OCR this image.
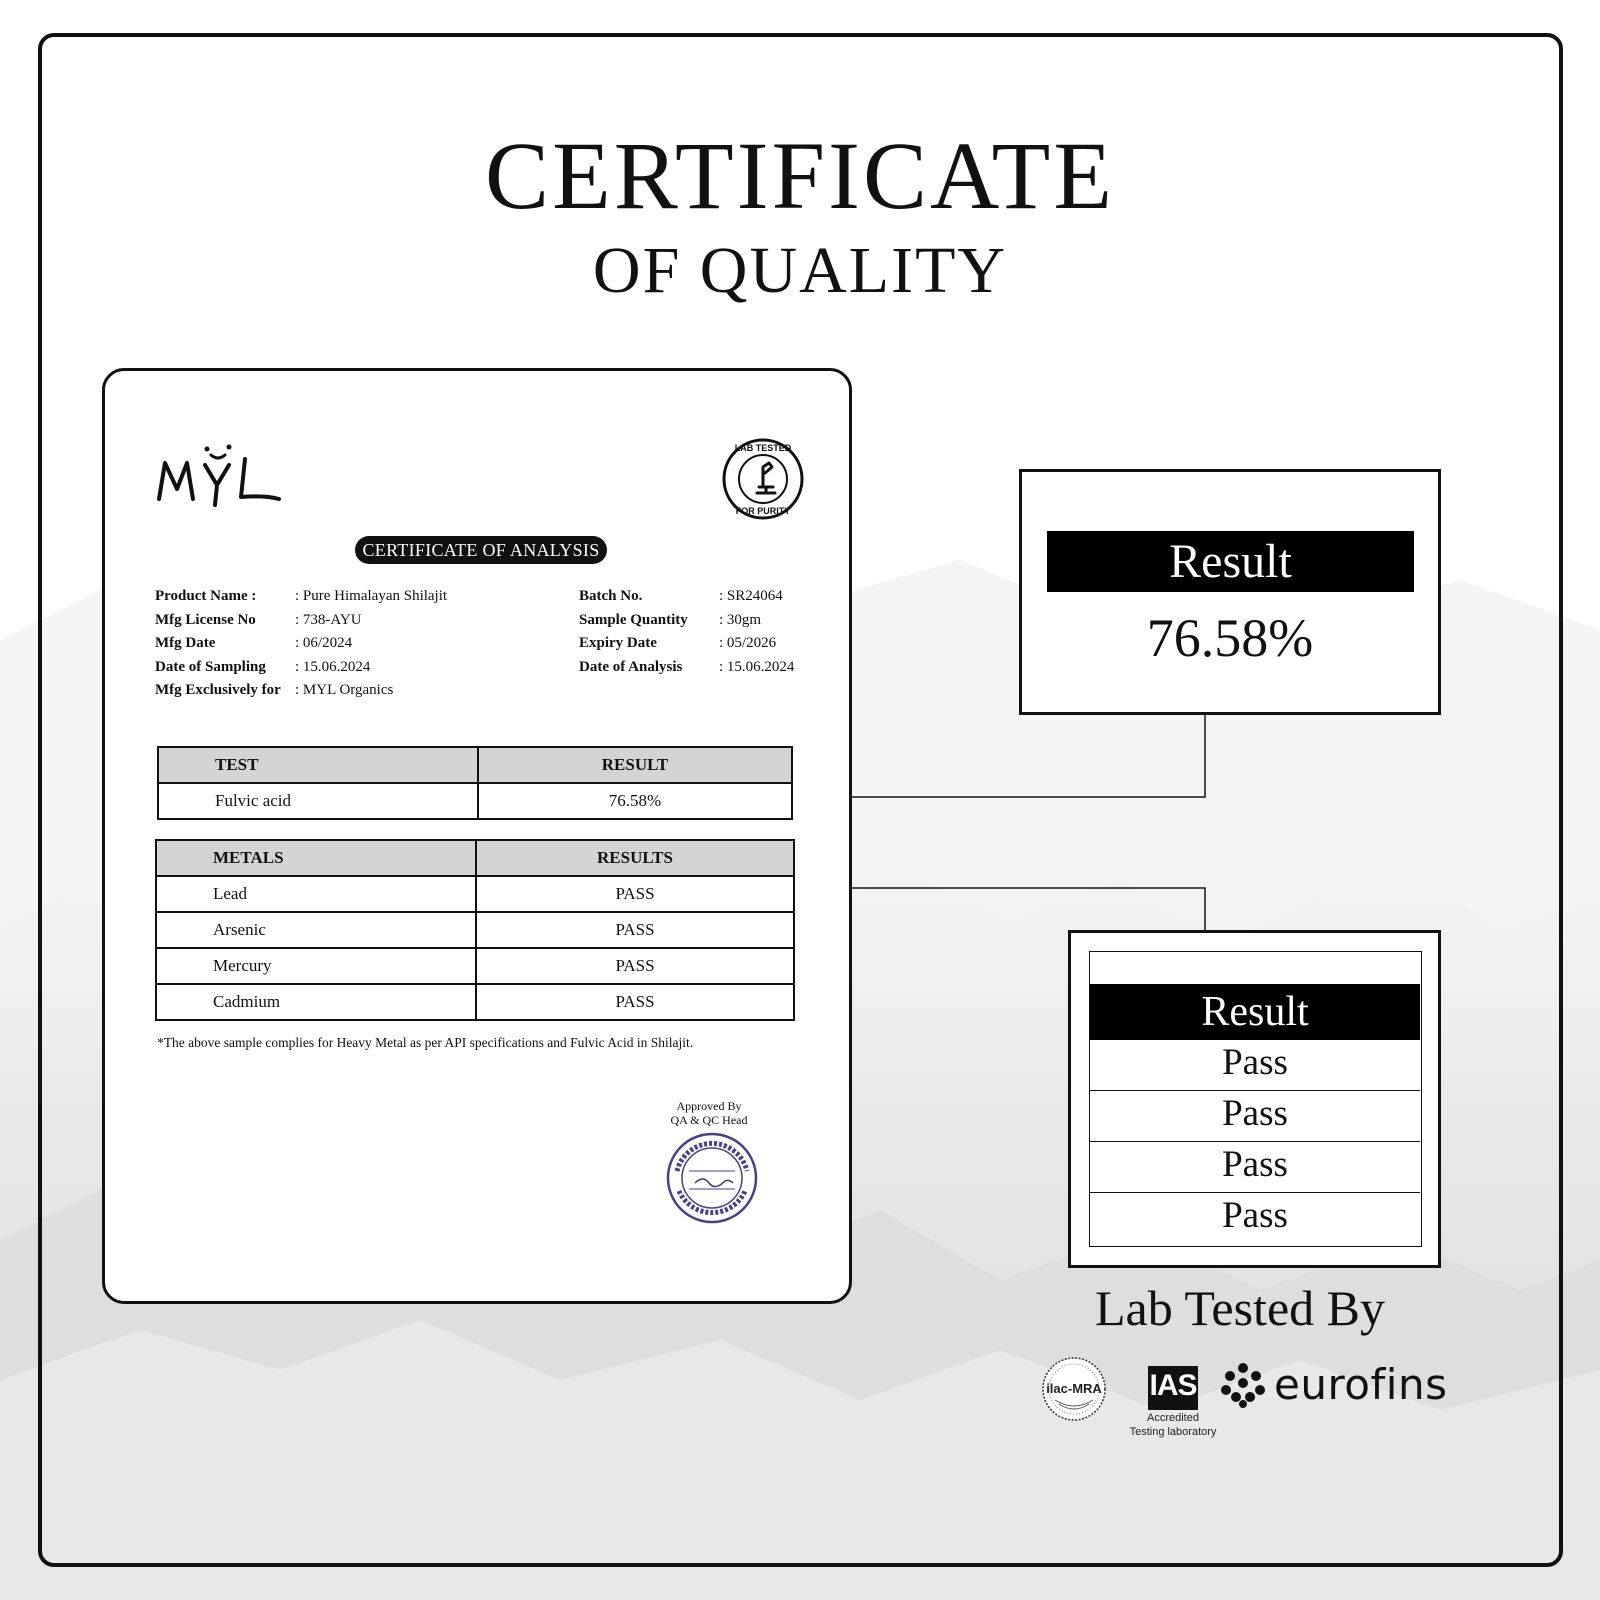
CERTIFICATE
OF QUALITY
LAB TESTED
FOR PURITY
CERTIFICATE OF ANALYSIS
Product Name :	: Pure Himalayan Shilajit
Mfg License No	: 738-AYU
Mfg Date	: 06/2024
Date of Sampling	: 15.06.2024
Mfg Exclusively for : MYL Organics
Batch No.	: SR24064
Sample Quantity	: 30gm
Expiry Date	: 05/2026
Date of Analysis	: 15.06.2024
TEST	RESULT
Fulvic acid	76.58%
METALS	RESULTS
Lead	PASS
Arsenic	PASS
Mercury	PASS
Cadmium	PASS
*The above sample complies for Heavy Metal as per API specifications and Fulvic Acid in Shilajit.
Approved By
QA & QC Head
Result
76.58%
Result
Pass
Pass
Pass
Pass
Lab Tested By
ilac-MRA	IAS
Accredited
Testing laboratory
eurofins
